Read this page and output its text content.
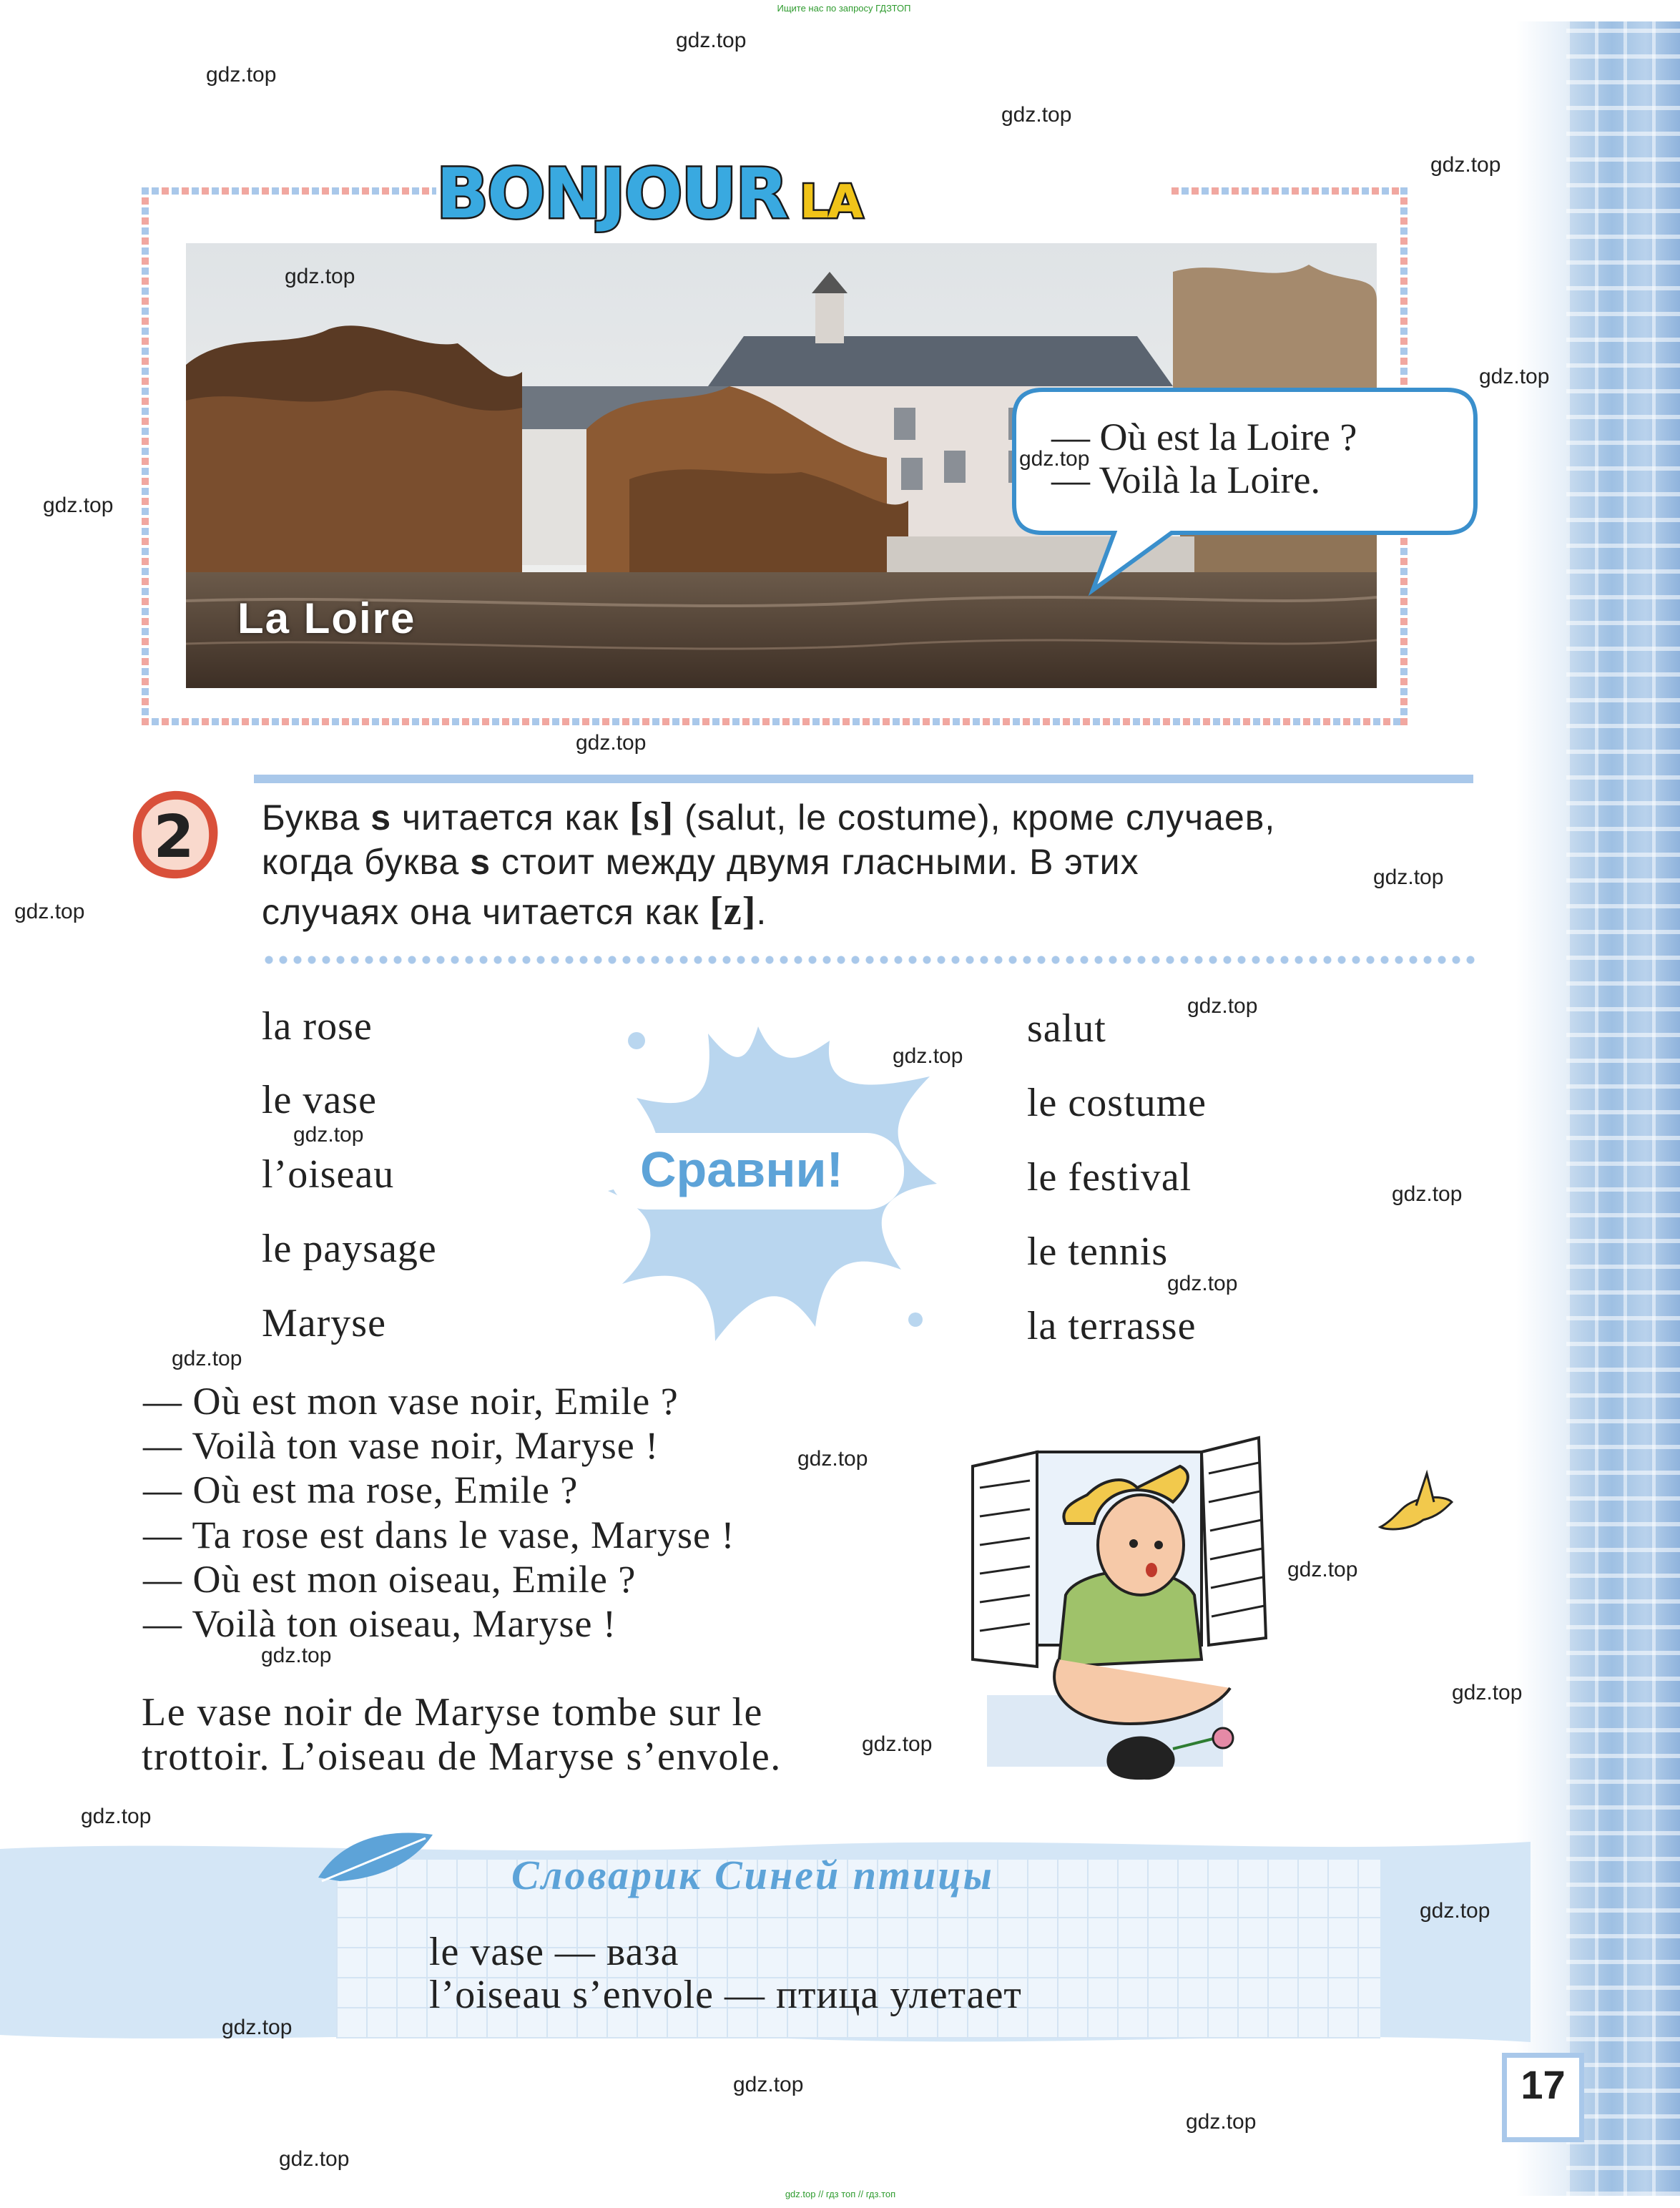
Ищите нас по запросу ГДЗТОП
gdz.top // гдз топ // гдз.топ
BONJOUR LA
La Loire
— Où est la Loire ?
— Voilà la Loire.
2 Буква s читается как [s] (salut, le costume), кроме случаев,
когда буква s стоит между двумя гласными. В этих
случаях она читается как [z].
Сравни!
la rose
le vase
l’oiseau
le paysage
Maryse
salut
le costume
le festival
le tennis
la terrasse
— Où est mon vase noir, Emile ?
— Voilà ton vase noir, Maryse !
— Où est ma rose, Emile ?
— Ta rose est dans le vase, Maryse !
— Où est mon oiseau, Emile ?
— Voilà ton oiseau, Maryse !
Le vase noir de Maryse tombe sur le
trottoir. L’oiseau de Maryse s’envole.
Словарик Синей птицы
le vase — ваза
l’oiseau s’envole — птица улетает
17
gdz.top
gdz.top
gdz.top
gdz.top
gdz.top
gdz.top
gdz.top
gdz.top
gdz.top
gdz.top
gdz.top
gdz.top
gdz.top
gdz.top
gdz.top
gdz.top
gdz.top
gdz.top
gdz.top
gdz.top
gdz.top
gdz.top
gdz.top
gdz.top
gdz.top
gdz.top
gdz.top
gdz.top
